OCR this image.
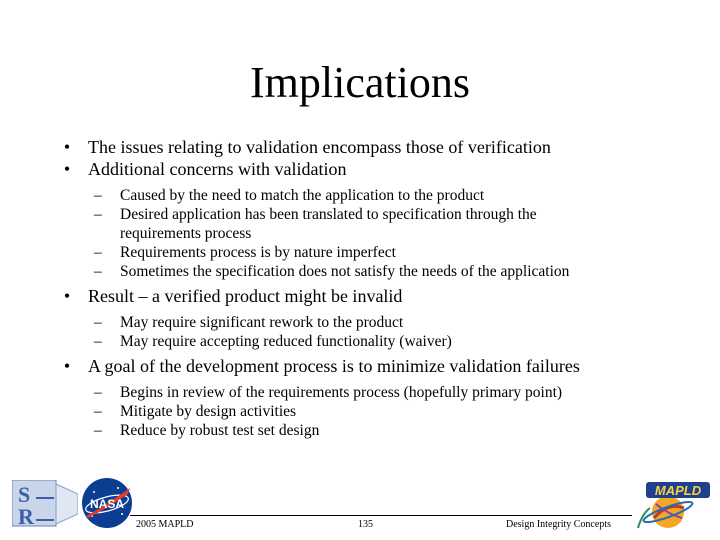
Implications
• The issues relating to validation encompass those of verification
• Additional concerns with validation
– Caused by the need to match the application to the product
– Desired application has been translated to specification through the
requirements process
– Requirements process is by nature imperfect
– Sometimes the specification does not satisfy the needs of the application
• Result – a verified product might be invalid
– May require significant rework to the product
– May require accepting reduced functionality (waiver)
• A goal of the development process is to minimize validation failures
– Begins in review of the requirements process (hopefully primary point)
– Mitigate by design activities
– Reduce by robust test set design
S
R	NASA
MAPLD
2005 MAPLD	135	Design Integrity Concepts
